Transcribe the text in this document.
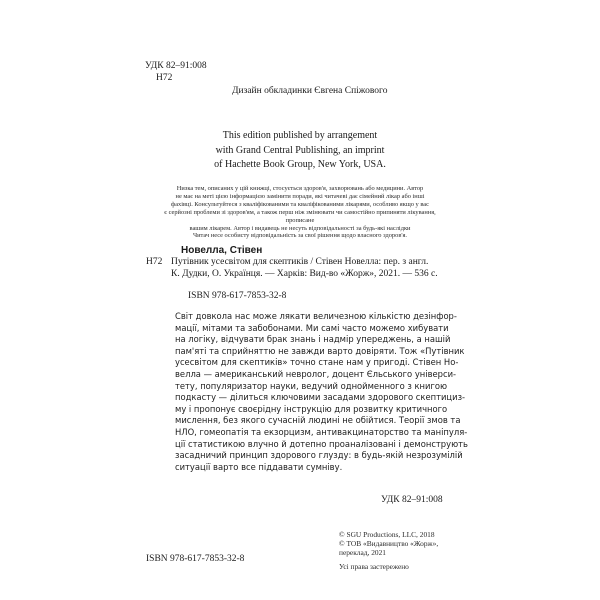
УДК 82–91:008
Н72
Дизайн обкладинки Євгена Спіжового
This edition published by arrangement
with Grand Central Publishing, an imprint
of Hachette Book Group, New York, USA.
Низка тем, описаних у цій книжці, стосується здоров'я, захворювань або медицини. Автор
не має на меті цією інформацією замінити поради, які читачеві дає сімейний лікар або інші
фахівці. Консультуйтеся з кваліфікованими та кваліфікованими лікарями, особливо якщо у вас
є серйозні проблеми зі здоров'ям, а також перш ніж змінювати чи самостійно припиняти лікування, прописане
вашим лікарем. Автор і видавець не несуть відповідальності за будь-які наслідки
Читач несе особисту відповідальність за свої рішення щодо власного здоров'я.
Новелла, Стівен
Н72 Путівник усесвітом для скептиків / Стівен Новелла: пер. з англ.
К. Дудки, О. Українця. — Харків: Вид-во «Жорж», 2021. — 536 с.
ISBN 978-617-7853-32-8
Світ довкола нас може лякати величезною кількістю дезінфор-
мації, мітами та забобонами. Ми самі часто можемо хибувати
на логіку, відчувати брак знань і надмір упереджень, а нашій
пам'яті та сприйняттю не завжди варто довіряти. Тож «Путівник
усесвітом для скептиків» точно стане нам у пригоді. Стівен Но-
велла — американський невролог, доцент Єльського універси-
тету, популяризатор науки, ведучий однойменного з книгою
подкасту — ділиться ключовими засадами здорового скептициз-
му і пропонує своєрідну інструкцію для розвитку критичного
мислення, без якого сучасній людині не обійтися. Теорії змов та
НЛО, гомеопатія та екзорцизм, антивакцинаторство та маніпуля-
ції статистикою влучно й дотепно проаналізовані і демонструють
засадничий принцип здорового глузду: в будь-якій незрозумілій
ситуації варто все піддавати сумніву.
УДК 82–91:008
© SGU Productions, LLC, 2018
© ТОВ «Видавництво «Жорж»,
переклад, 2021
ISBN 978-617-7853-32-8
Усі права застережено
